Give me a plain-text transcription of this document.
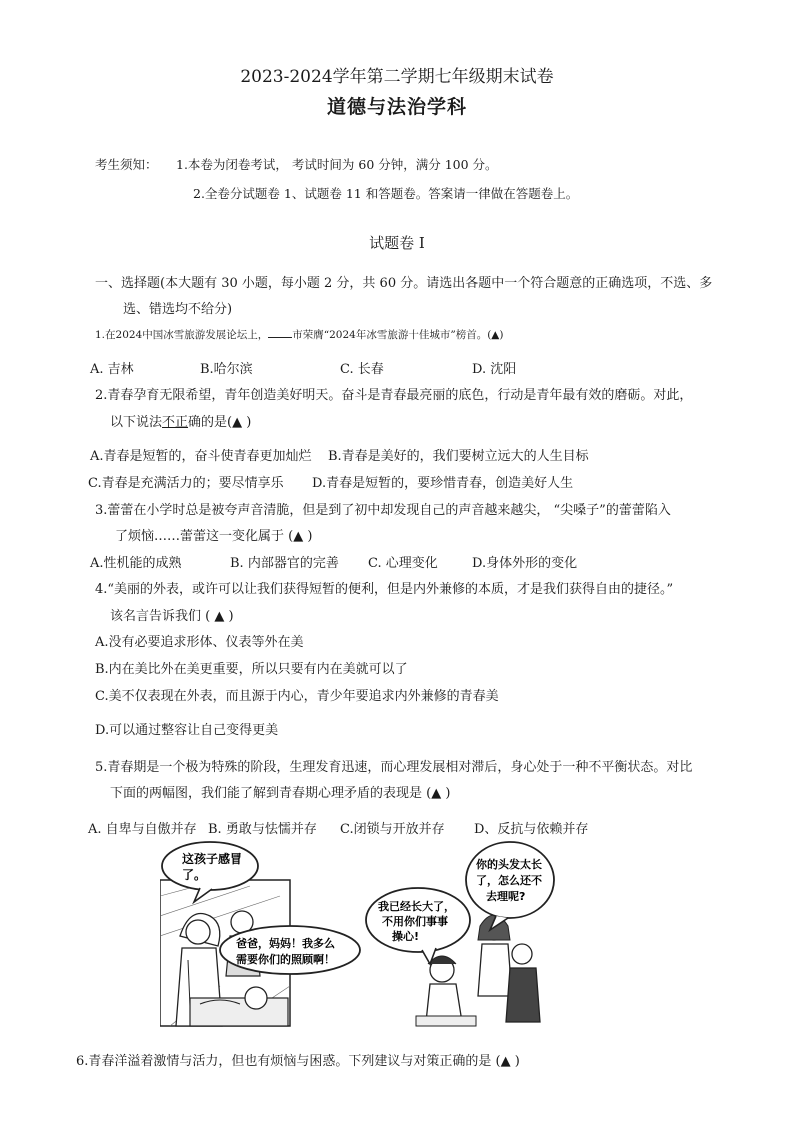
2023-2024学年第二学期七年级期末试卷
道德与法治学科
考生须知： 1.本卷为闭卷考试， 考试时间为 60 分钟，满分 100 分。
2.全卷分试题卷 1、试题卷 11 和答题卷。答案请一律做在答题卷上。
试题卷 I
一、选择题(本大题有 30 小题，每小题 2 分，共 60 分。请选出各题中一个符合题意的正确选项，不选、多
选、错选均不给分)
1.在2024中国冰雪旅游发展论坛上， 市荣膺“2024年冰雪旅游十佳城市”榜首。(▲)
A. 吉林	B.哈尔滨	C. 长春	D. 沈阳
2.青春孕育无限希望，青年创造美好明天。奋斗是青春最亮丽的底色，行动是青年最有效的磨砺。对此，
以下说法不正确的是(▲ )
A.青春是短暂的，奋斗使青春更加灿烂 B.青春是美好的，我们要树立远大的人生目标
C.青春是充满活力的；要尽情享乐 D.青春是短暂的，要珍惜青春，创造美好人生
3.蕾蕾在小学时总是被夸声音清脆，但是到了初中却发现自己的声音越来越尖， “尖嗓子”的蕾蕾陷入
了烦恼……蕾蕾这一变化属于 (▲ )
A.性机能的成熟	B. 内部器官的完善 C. 心理变化	D.身体外形的变化
4.“美丽的外表，或许可以让我们获得短暂的便利，但是内外兼修的本质，才是我们获得自由的捷径。”
该名言告诉我们 ( ▲ )
A.没有必要追求形体、仪表等外在美
B.内在美比外在美更重要，所以只要有内在美就可以了
C.美不仅表现在外表，而且源于内心，青少年要追求内外兼修的青春美
D.可以通过整容让自己变得更美
5.青春期是一个极为特殊的阶段，生理发育迅速，而心理发展相对滞后，身心处于一种不平衡状态。对比
下面的两幅图，我们能了解到青春期心理矛盾的表现是 (▲ )
A. 自卑与自傲并存 B. 勇敢与怯懦并存 C.闭锁与开放并存 D、反抗与依赖并存
这孩子感冒
了。
爸爸，妈妈！我多么
需要你们的照顾啊！
我已经长大了，
不用你们事事
操心!
你的头发太长
了，怎么还不
去理呢?
6.青春洋溢着激情与活力，但也有烦恼与困惑。下列建议与对策正确的是 (▲ )
